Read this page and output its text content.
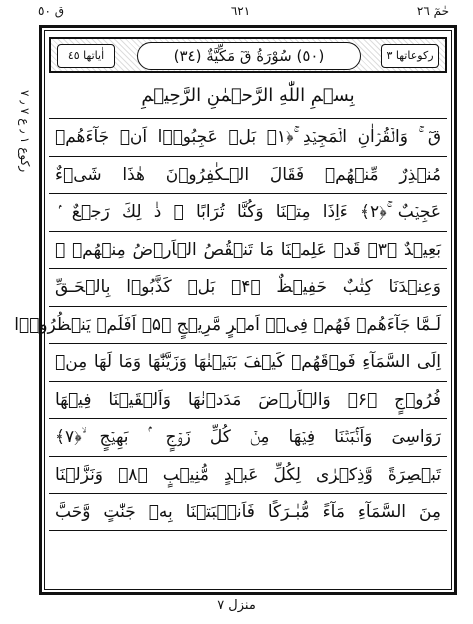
ق ٥٠	٦٢١	حٰمٓ ٢٦
ركوع ۱ ٫ ع ٧ ٫ ٧
اٰیاتھا ٤٥	(٥٠) سُوْرَةُ قٓ مَكِّيَّةٌ (٣٤)	رکوعاتھا ٣
بِسۡمِ اللّٰهِ الرَّحۡمٰنِ الرَّحِيۡمِ
قٓ ۚ وَالۡقُرۡاٰنِ الۡمَجِيۡدِ ۚ﴿۱﴾ بَلۡ عَجِبُوۡۤا اَنۡ جَآءَهُمۡ
مُنۡذِرٌ مِّنۡهُمۡ فَقَالَ الۡـكٰفِرُوۡنَ هٰذَا شَىۡءٌ
عَجِيۡبٌ ۚ﴿۲﴾ ءَاِذَا مِتۡنَا وَكُنَّا تُرَابًا ۚ ذٰ لِكَ رَجۡعٌ ۢ
بَعِيۡدٌ ﴿۳﴾ قَدۡ عَلِمۡنَا مَا تَنۡقُصُ الۡاَرۡضُ مِنۡهُمۡ ۚ
وَعِنۡدَنَا كِتٰبٌ حَفِيۡظٌ ﴿۴﴾ بَلۡ كَذَّبُوۡا بِالۡحَـقِّ
لَـمَّا جَآءَهُمۡ فَهُمۡ فِىۡۤ اَمۡرٍ مَّرِيۡجٍ ﴿۵﴾ اَفَلَمۡ يَنۡظُرُوۡۤا
اِلَى السَّمَآءِ فَوۡقَهُمۡ كَيۡفَ بَنَيۡنٰهَا وَزَيَّنّٰهَا وَمَا لَهَا مِنۡ
فُرُوۡجٍ ﴿۶﴾ وَالۡاَرۡضَ مَدَدۡنٰهَا وَاَلۡقَيۡنَا فِيۡهَا
رَوَاسِىَ وَاَنۡۢبَتۡنَا فِيۡهَا مِنۡ كُلِّ زَوۡجٍ ۢ بَهِيۡجٍ ۙ﴿۷﴾
تَبۡصِرَةً وَّذِكۡرٰى لِكُلِّ عَبۡدٍ مُّنِيۡبٍ ﴿۸﴾ وَنَزَّلۡنَا
مِنَ السَّمَآءِ مَآءً مُّبٰـرَكًا فَاَنۡۢبَتۡنَا بِهٖ جَنّٰتٍ وَّحَبَّ
منزل ٧
